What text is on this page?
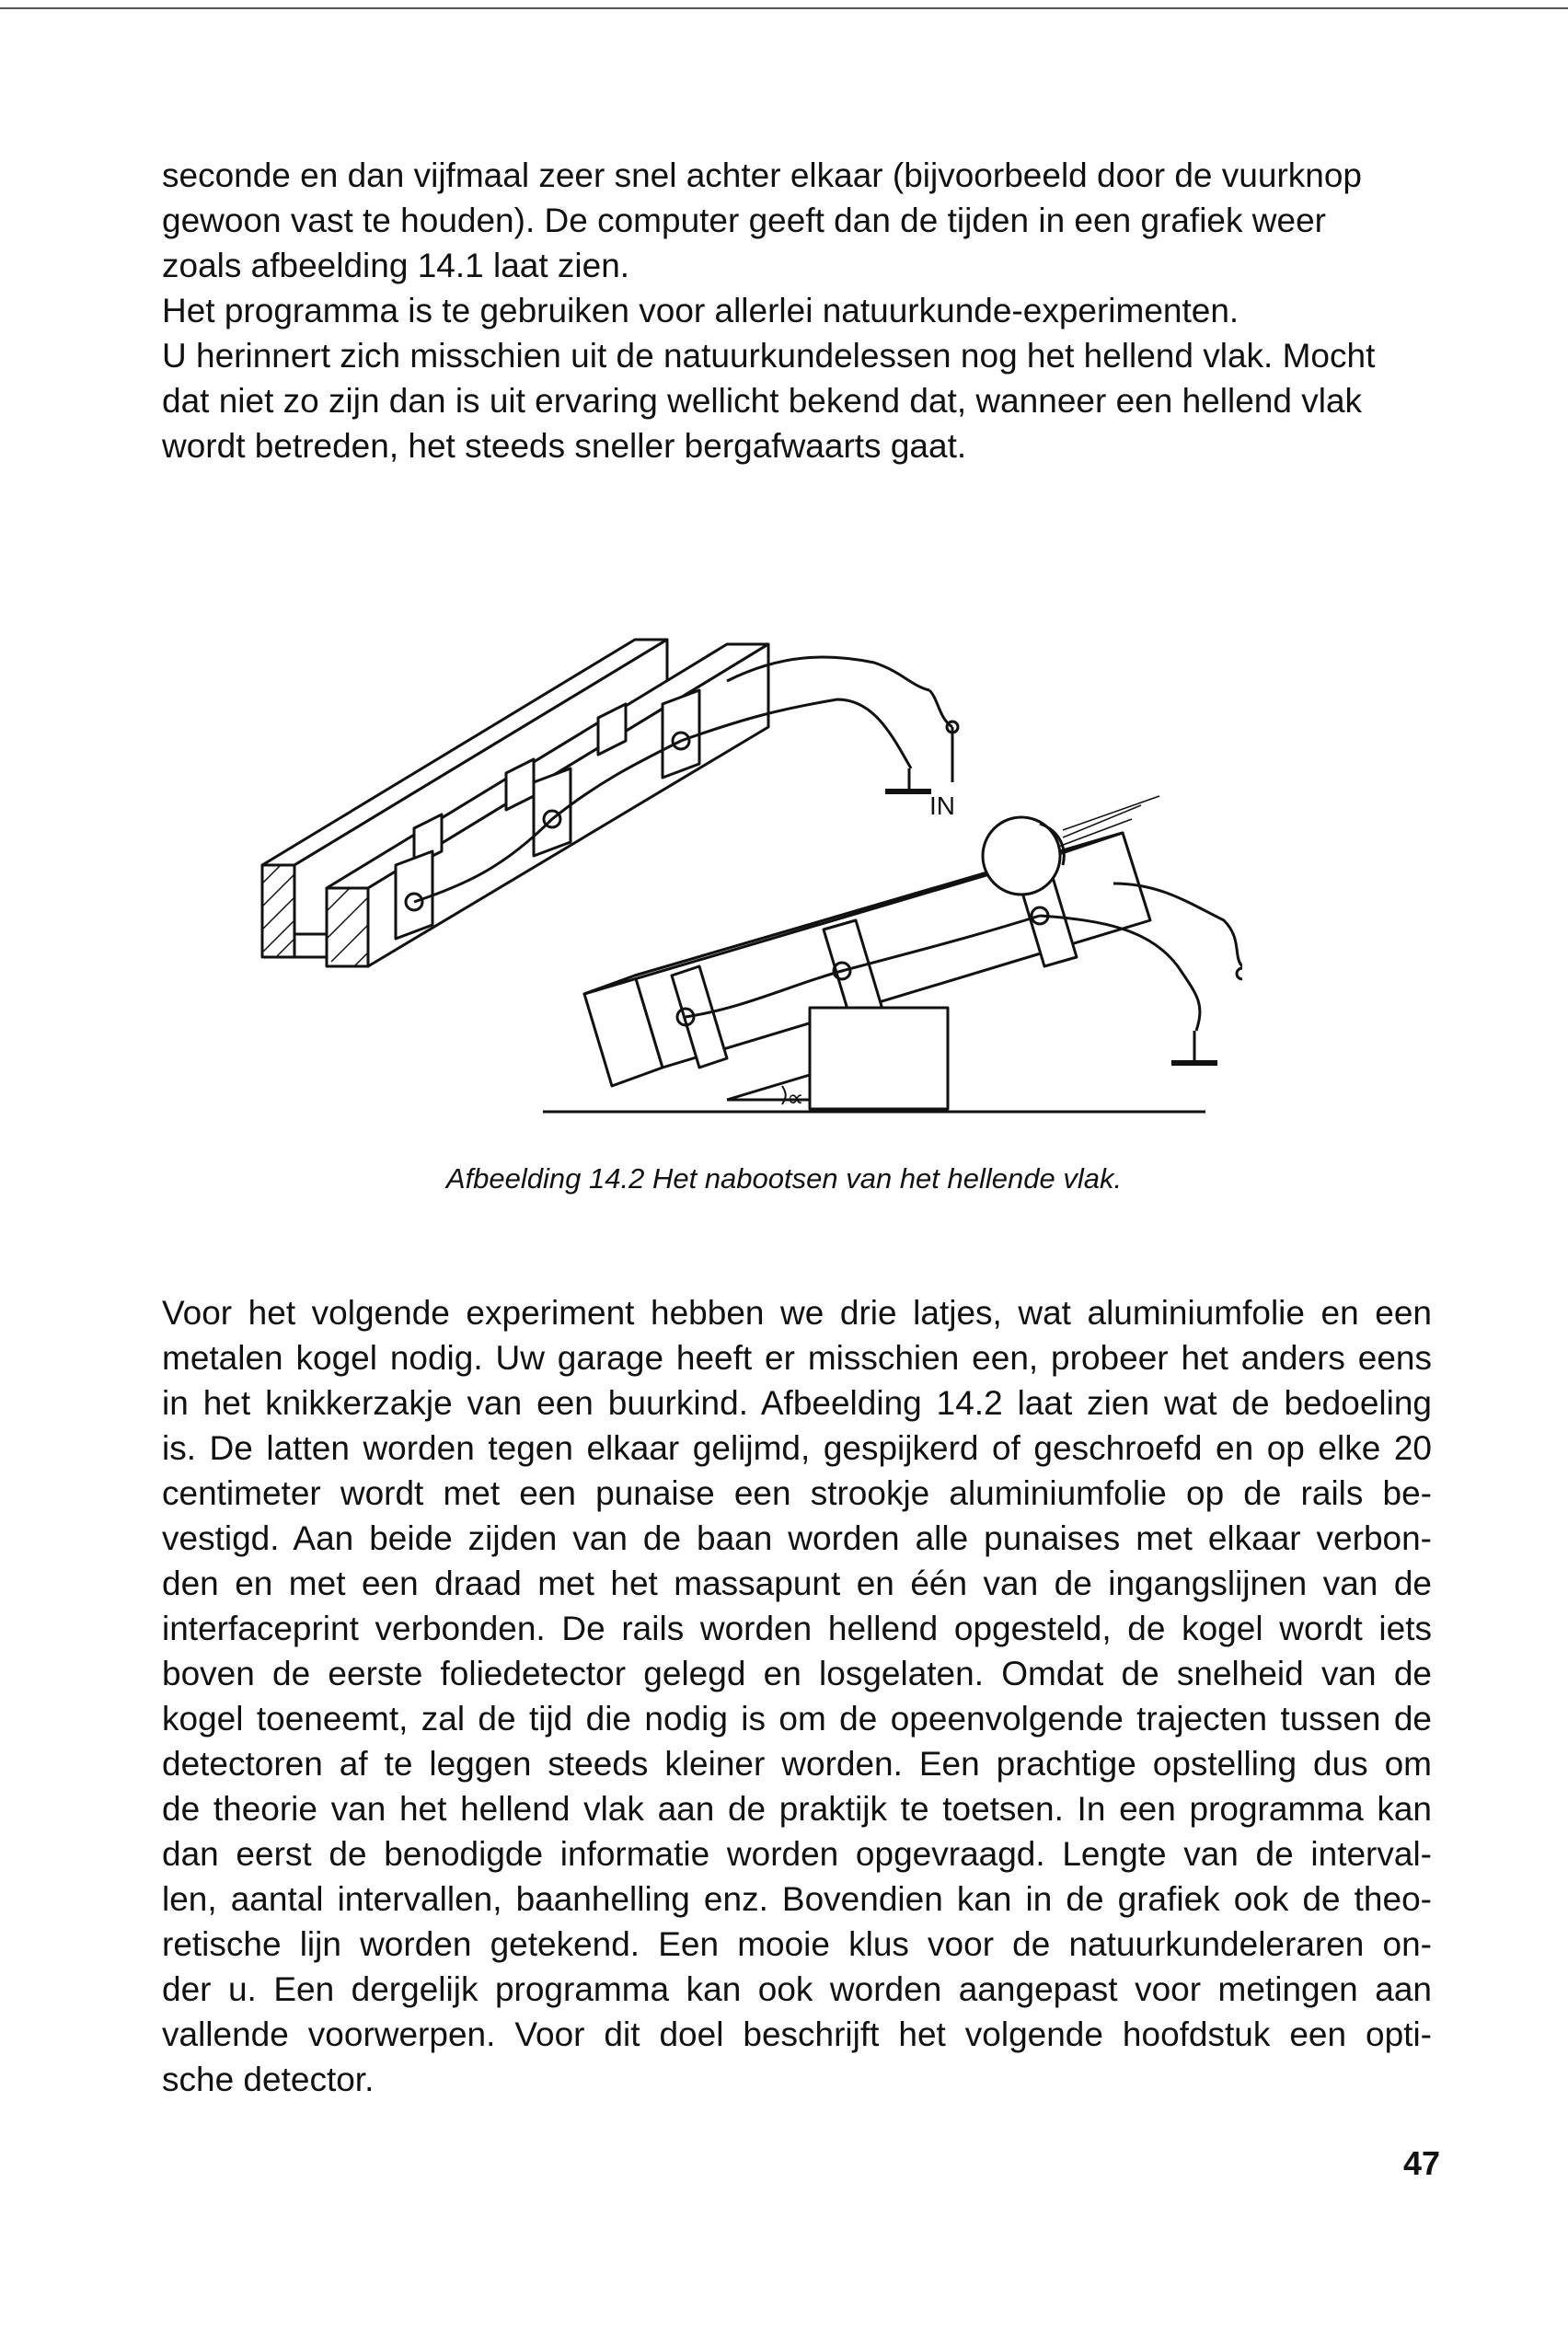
seconde en dan vijfmaal zeer snel achter elkaar (bijvoorbeeld door de vuurknop

gewoon vast te houden). De computer geeft dan de tijden in een grafiek weer

zoals afbeelding 14.1 laat zien.

Het programma is te gebruiken voor allerlei natuurkunde-experimenten.

U herinnert zich misschien uit de natuurkundelessen nog het hellend vlak. Mocht

dat niet zo zijn dan is uit ervaring wellicht bekend dat, wanneer een hellend vlak

wordt betreden, het steeds sneller bergafwaarts gaat.

IN
∝
Afbeelding 14.2 Het nabootsen van het hellende vlak.
Voor het volgende experiment hebben we drie latjes, wat aluminiumfolie en een
metalen kogel nodig. Uw garage heeft er misschien een, probeer het anders eens
in het knikkerzakje van een buurkind. Afbeelding 14.2 laat zien wat de bedoeling
is. De latten worden tegen elkaar gelijmd, gespijkerd of geschroefd en op elke 20
centimeter wordt met een punaise een strookje aluminiumfolie op de rails be-
vestigd. Aan beide zijden van de baan worden alle punaises met elkaar verbon-
den en met een draad met het massapunt en één van de ingangslijnen van de
interfaceprint verbonden. De rails worden hellend opgesteld, de kogel wordt iets
boven de eerste foliedetector gelegd en losgelaten. Omdat de snelheid van de
kogel toeneemt, zal de tijd die nodig is om de opeenvolgende trajecten tussen de
detectoren af te leggen steeds kleiner worden. Een prachtige opstelling dus om
de theorie van het hellend vlak aan de praktijk te toetsen. In een programma kan
dan eerst de benodigde informatie worden opgevraagd. Lengte van de interval-
len, aantal intervallen, baanhelling enz. Bovendien kan in de grafiek ook de theo-
retische lijn worden getekend. Een mooie klus voor de natuurkundeleraren on-
der u. Een dergelijk programma kan ook worden aangepast voor metingen aan
vallende voorwerpen. Voor dit doel beschrijft het volgende hoofdstuk een opti-
sche detector.
47
